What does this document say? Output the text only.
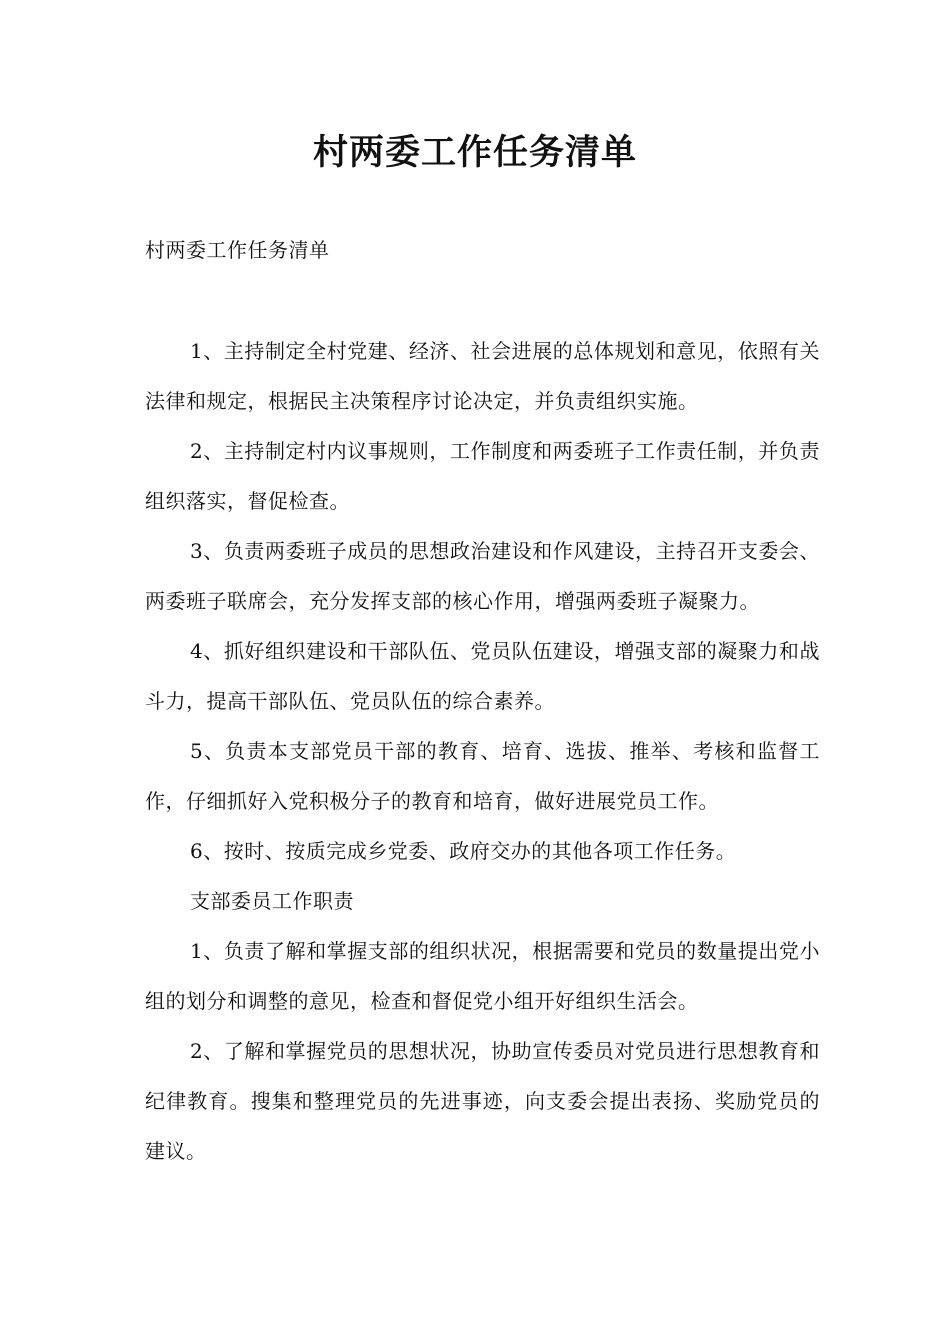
村两委工作任务清单

村两委工作任务清单

1、主持制定全村党建、经济、社会进展的总体规划和意见，依照有关法律和规定，根据民主决策程序讨论决定，并负责组织实施。

2、主持制定村内议事规则，工作制度和两委班子工作责任制，并负责组织落实，督促检查。

3、负责两委班子成员的思想政治建设和作风建设，主持召开支委会、两委班子联席会，充分发挥支部的核心作用，增强两委班子凝聚力。

4、抓好组织建设和干部队伍、党员队伍建设，增强支部的凝聚力和战斗力，提高干部队伍、党员队伍的综合素养。

5、负责本支部党员干部的教育、培育、选拔、推举、考核和监督工作，仔细抓好入党积极分子的教育和培育，做好进展党员工作。

6、按时、按质完成乡党委、政府交办的其他各项工作任务。

支部委员工作职责

1、负责了解和掌握支部的组织状况，根据需要和党员的数量提出党小组的划分和调整的意见，检查和督促党小组开好组织生活会。

2、了解和掌握党员的思想状况，协助宣传委员对党员进行思想教育和纪律教育。搜集和整理党员的先进事迹，向支委会提出表扬、奖励党员的建议。
